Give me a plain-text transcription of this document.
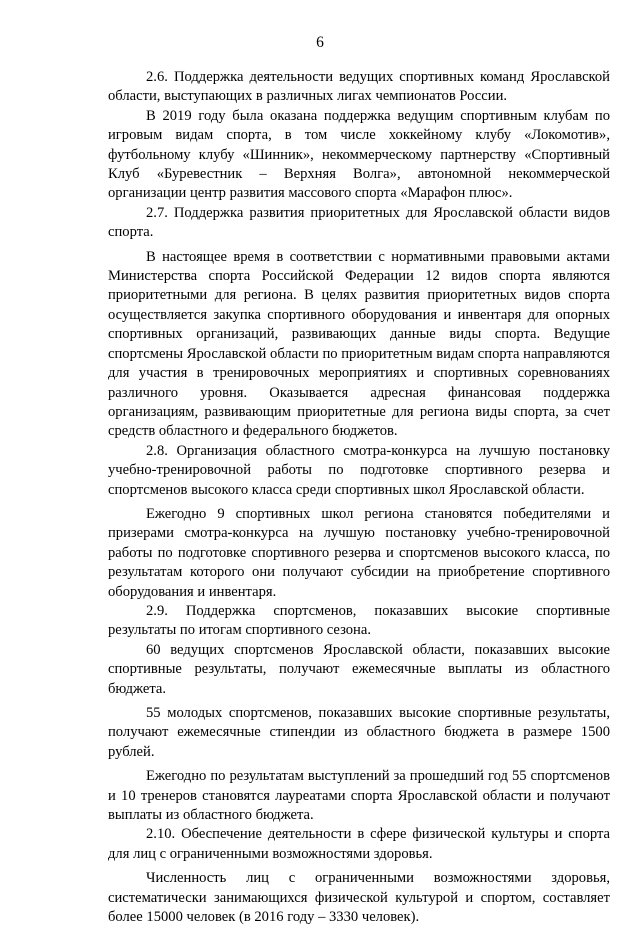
6

2.6. Поддержка деятельности ведущих спортивных команд Ярославской области, выступающих в различных лигах чемпионатов России.

В 2019 году была оказана поддержка ведущим спортивным клубам по игровым видам спорта, в том числе хоккейному клубу «Локомотив», футбольному клубу «Шинник», некоммерческому партнерству «Спортивный Клуб «Буревестник – Верхняя Волга», автономной некоммерческой организации центр развития массового спорта «Марафон плюс».

2.7. Поддержка развития приоритетных для Ярославской области видов спорта.

В настоящее время в соответствии с нормативными правовыми актами Министерства спорта Российской Федерации 12 видов спорта являются приоритетными для региона. В целях развития приоритетных видов спорта осуществляется закупка спортивного оборудования и инвентаря для опорных спортивных организаций, развивающих данные виды спорта. Ведущие спортсмены Ярославской области по приоритетным видам спорта направляются для участия в тренировочных мероприятиях и спортивных соревнованиях различного уровня. Оказывается адресная финансовая поддержка организациям, развивающим приоритетные для региона виды спорта, за счет средств областного и федерального бюджетов.

2.8. Организация областного смотра-конкурса на лучшую постановку учебно-тренировочной работы по подготовке спортивного резерва и спортсменов высокого класса среди спортивных школ Ярославской области.

Ежегодно 9 спортивных школ региона становятся победителями и призерами смотра-конкурса на лучшую постановку учебно-тренировочной работы по подготовке спортивного резерва и спортсменов высокого класса, по результатам которого они получают субсидии на приобретение спортивного оборудования и инвентаря.

2.9. Поддержка спортсменов, показавших высокие спортивные результаты по итогам спортивного сезона.

60 ведущих спортсменов Ярославской области, показавших высокие спортивные результаты, получают ежемесячные выплаты из областного бюджета.

55 молодых спортсменов, показавших высокие спортивные результаты, получают ежемесячные стипендии из областного бюджета в размере 1500 рублей.

Ежегодно по результатам выступлений за прошедший год 55 спортсменов и 10 тренеров становятся лауреатами спорта Ярославской области и получают выплаты из областного бюджета.

2.10. Обеспечение деятельности в сфере физической культуры и спорта для лиц с ограниченными возможностями здоровья.

Численность лиц с ограниченными возможностями здоровья, систематически занимающихся физической культурой и спортом, составляет более 15000 человек (в 2016 году – 3330 человек).
